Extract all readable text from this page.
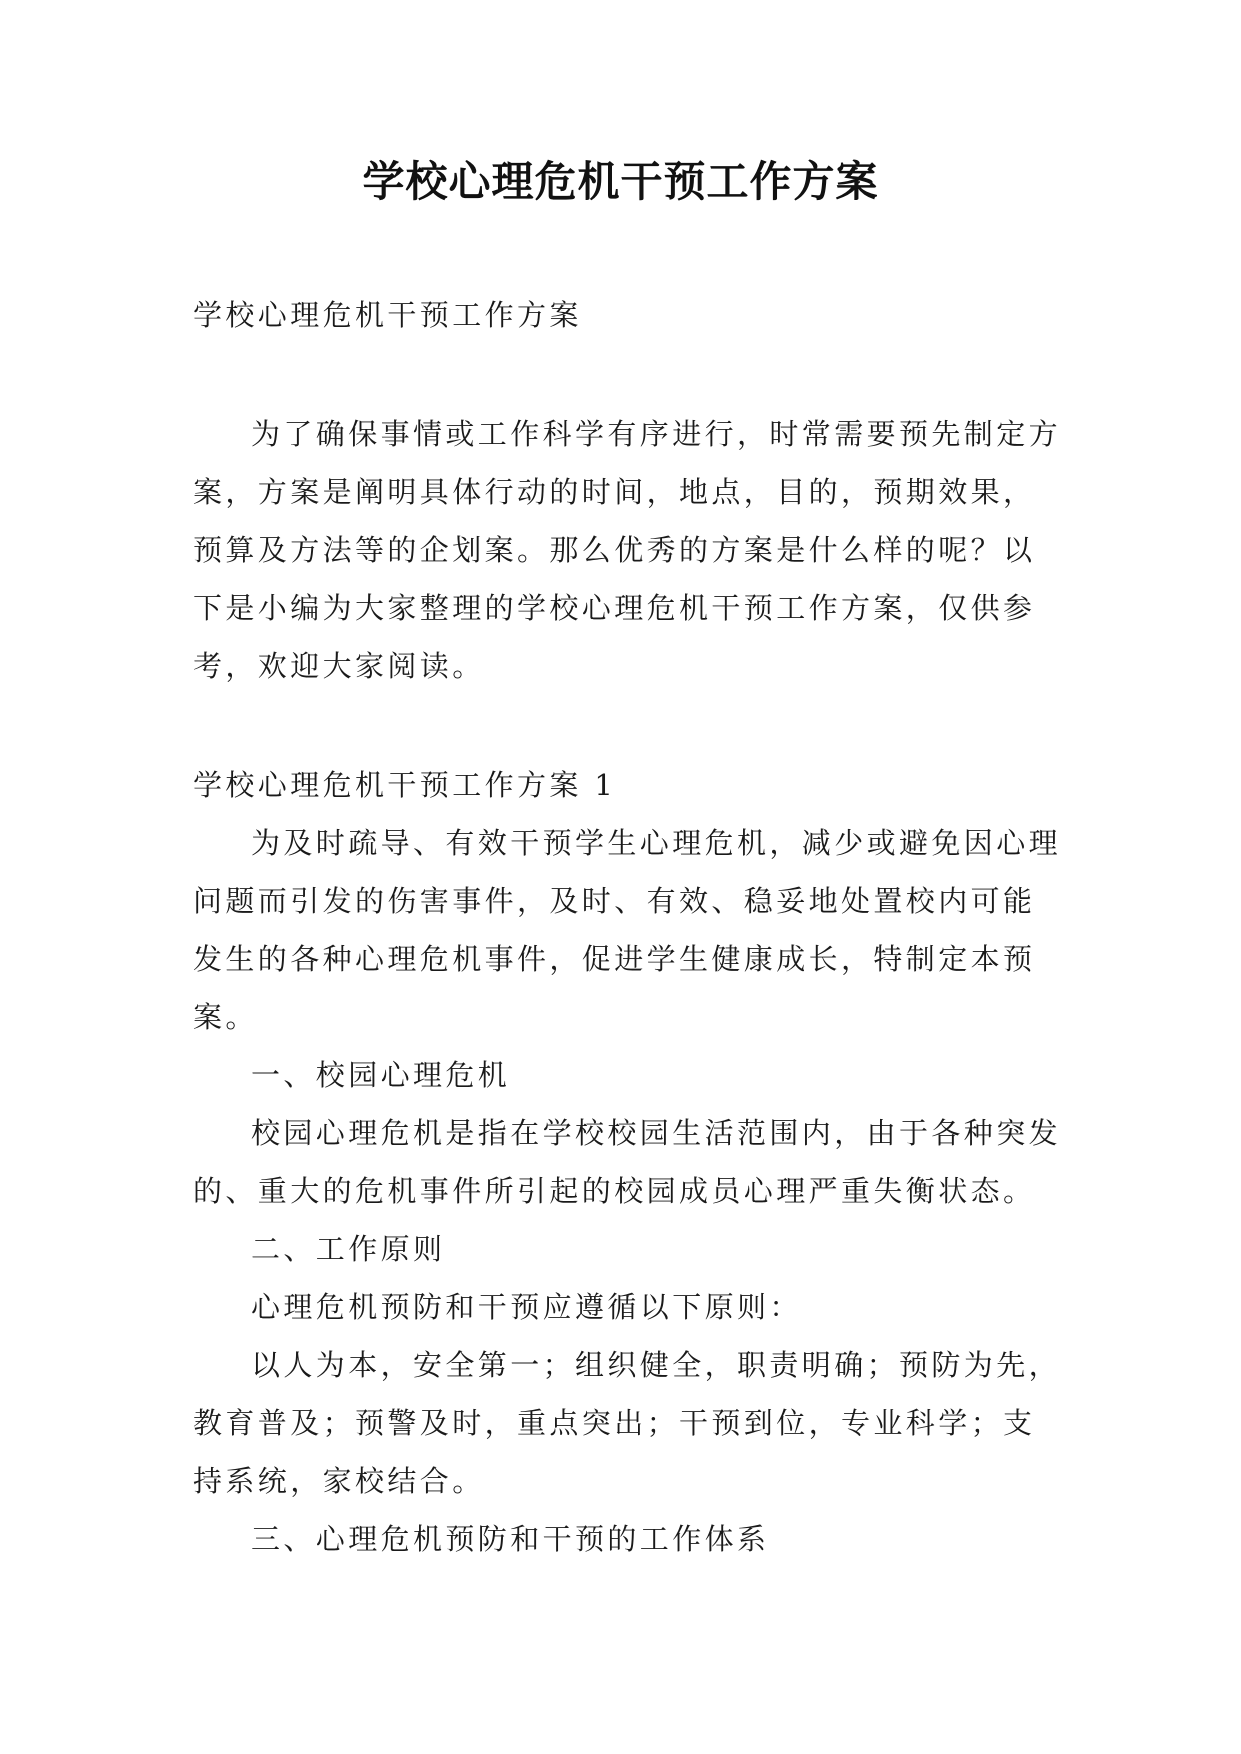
学校心理危机干预工作方案

学校心理危机干预工作方案

为了确保事情或工作科学有序进行，时常需要预先制定方案，方案是阐明具体行动的时间，地点，目的，预期效果，预算及方法等的企划案。那么优秀的方案是什么样的呢？以下是小编为大家整理的学校心理危机干预工作方案，仅供参考，欢迎大家阅读。

学校心理危机干预工作方案 1

为及时疏导、有效干预学生心理危机，减少或避免因心理问题而引发的伤害事件，及时、有效、稳妥地处置校内可能发生的各种心理危机事件，促进学生健康成长，特制定本预案。

一、校园心理危机

校园心理危机是指在学校校园生活范围内，由于各种突发的、重大的危机事件所引起的校园成员心理严重失衡状态。

二、工作原则

心理危机预防和干预应遵循以下原则：

以人为本，安全第一；组织健全，职责明确；预防为先，教育普及；预警及时，重点突出；干预到位，专业科学；支持系统，家校结合。

三、心理危机预防和干预的工作体系
